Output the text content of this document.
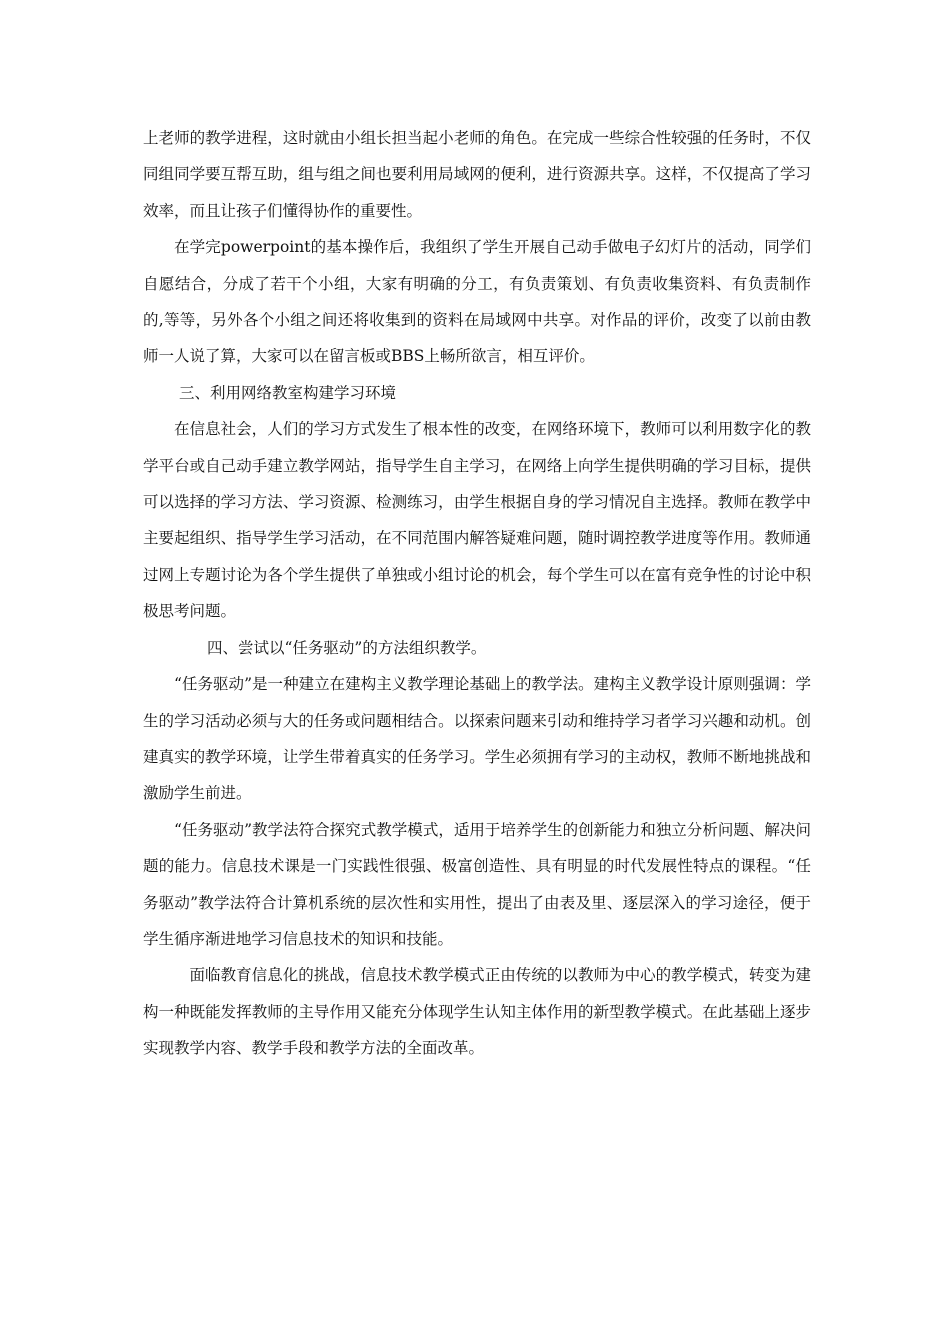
上老师的教学进程，这时就由小组长担当起小老师的角色。在完成一些综合性较强的任务时，不仅同组同学要互帮互助，组与组之间也要利用局域网的便利，进行资源共享。这样，不仅提高了学习效率，而且让孩子们懂得协作的重要性。

在学完powerpoint的基本操作后，我组织了学生开展自己动手做电子幻灯片的活动，同学们自愿结合，分成了若干个小组，大家有明确的分工，有负责策划、有负责收集资料、有负责制作的,等等，另外各个小组之间还将收集到的资料在局域网中共享。对作品的评价，改变了以前由教师一人说了算，大家可以在留言板或BBS上畅所欲言，相互评价。

三、利用网络教室构建学习环境

在信息社会，人们的学习方式发生了根本性的改变，在网络环境下，教师可以利用数字化的教学平台或自己动手建立教学网站，指导学生自主学习，在网络上向学生提供明确的学习目标，提供可以选择的学习方法、学习资源、检测练习，由学生根据自身的学习情况自主选择。教师在教学中主要起组织、指导学生学习活动，在不同范围内解答疑难问题，随时调控教学进度等作用。教师通过网上专题讨论为各个学生提供了单独或小组讨论的机会，每个学生可以在富有竞争性的讨论中积极思考问题。

四、尝试以“任务驱动”的方法组织教学。

“任务驱动”是一种建立在建构主义教学理论基础上的教学法。建构主义教学设计原则强调：学生的学习活动必须与大的任务或问题相结合。以探索问题来引动和维持学习者学习兴趣和动机。创建真实的教学环境，让学生带着真实的任务学习。学生必须拥有学习的主动权，教师不断地挑战和激励学生前进。

“任务驱动”教学法符合探究式教学模式，适用于培养学生的创新能力和独立分析问题、解决问题的能力。信息技术课是一门实践性很强、极富创造性、具有明显的时代发展性特点的课程。“任务驱动”教学法符合计算机系统的层次性和实用性，提出了由表及里、逐层深入的学习途径，便于学生循序渐进地学习信息技术的知识和技能。

面临教育信息化的挑战，信息技术教学模式正由传统的以教师为中心的教学模式，转变为建构一种既能发挥教师的主导作用又能充分体现学生认知主体作用的新型教学模式。在此基础上逐步实现教学内容、教学手段和教学方法的全面改革。
